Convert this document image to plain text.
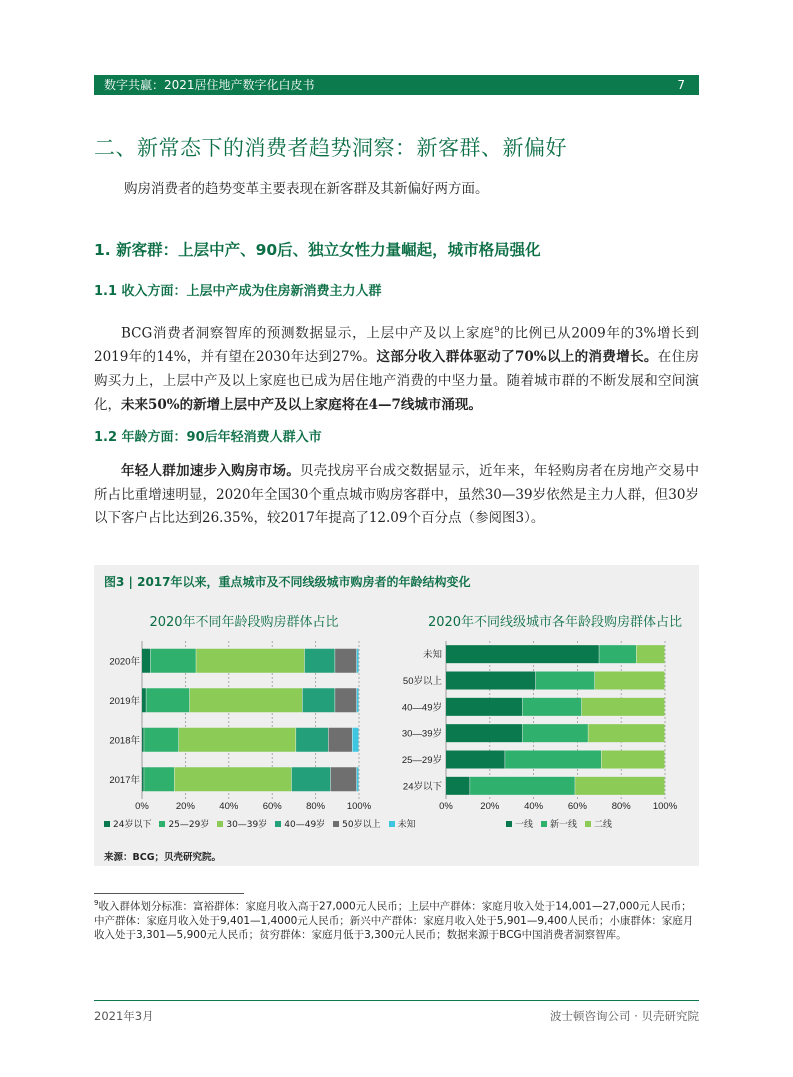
数字共赢：2021居住地产数字化白皮书	7
二、新常态下的消费者趋势洞察：新客群、新偏好
购房消费者的趋势变革主要表现在新客群及其新偏好两方面。
1. 新客群：上层中产、90后、独立女性力量崛起，城市格局强化
1.1 收入方面：上层中产成为住房新消费主力人群
BCG消费者洞察智库的预测数据显示，上层中产及以上家庭$^9$的比例已从2009年的3%增长到2019年的14%，并有望在2030年达到27%。这部分收入群体驱动了70%以上的消费增长。在住房购买力上，上层中产及以上家庭也已成为居住地产消费的中坚力量。随着城市群的不断发展和空间演化，未来50%的新增上层中产及以上家庭将在4—7线城市涌现。
1.2 年龄方面：90后年轻消费人群入市
年轻人群加速步入购房市场。贝壳找房平台成交数据显示，近年来，年轻购房者在房地产交易中所占比重增速明显，2020年全国30个重点城市购房客群中，虽然30—39岁依然是主力人群，但30岁以下客户占比达到26.35%，较2017年提高了12.09个百分点（参阅图3）。
图3 | 2017年以来，重点城市及不同线级城市购房者的年龄结构变化
2020年不同年龄段购房群体占比	2020年不同线级城市各年龄段购房群体占比
0%	20%	40%	60%	80% 100%
2020年
2019年
2018年
2017年
0%	20%	40%	60%	80% 100%
未知
50岁以上
40—49岁
30—39岁
25—29岁
24岁以下
24岁以下 25—29岁 30—39岁 40—49岁 50岁以上 未知	一线 新一线 二线
来源：BCG；贝壳研究院。
$^9$收入群体划分标准：富裕群体：家庭月收入高于27,000元人民币；上层中产群体：家庭月收入处于14,001—27,000元人民币；中产群体：家庭月收入处于9,401—1,4000元人民币；新兴中产群体：家庭月收入处于5,901—9,400人民币；小康群体：家庭月收入处于3,301—5,900元人民币；贫穷群体：家庭月低于3,300元人民币；数据来源于BCG中国消费者洞察智库。
2021年3月	波士顿咨询公司 · 贝壳研究院
